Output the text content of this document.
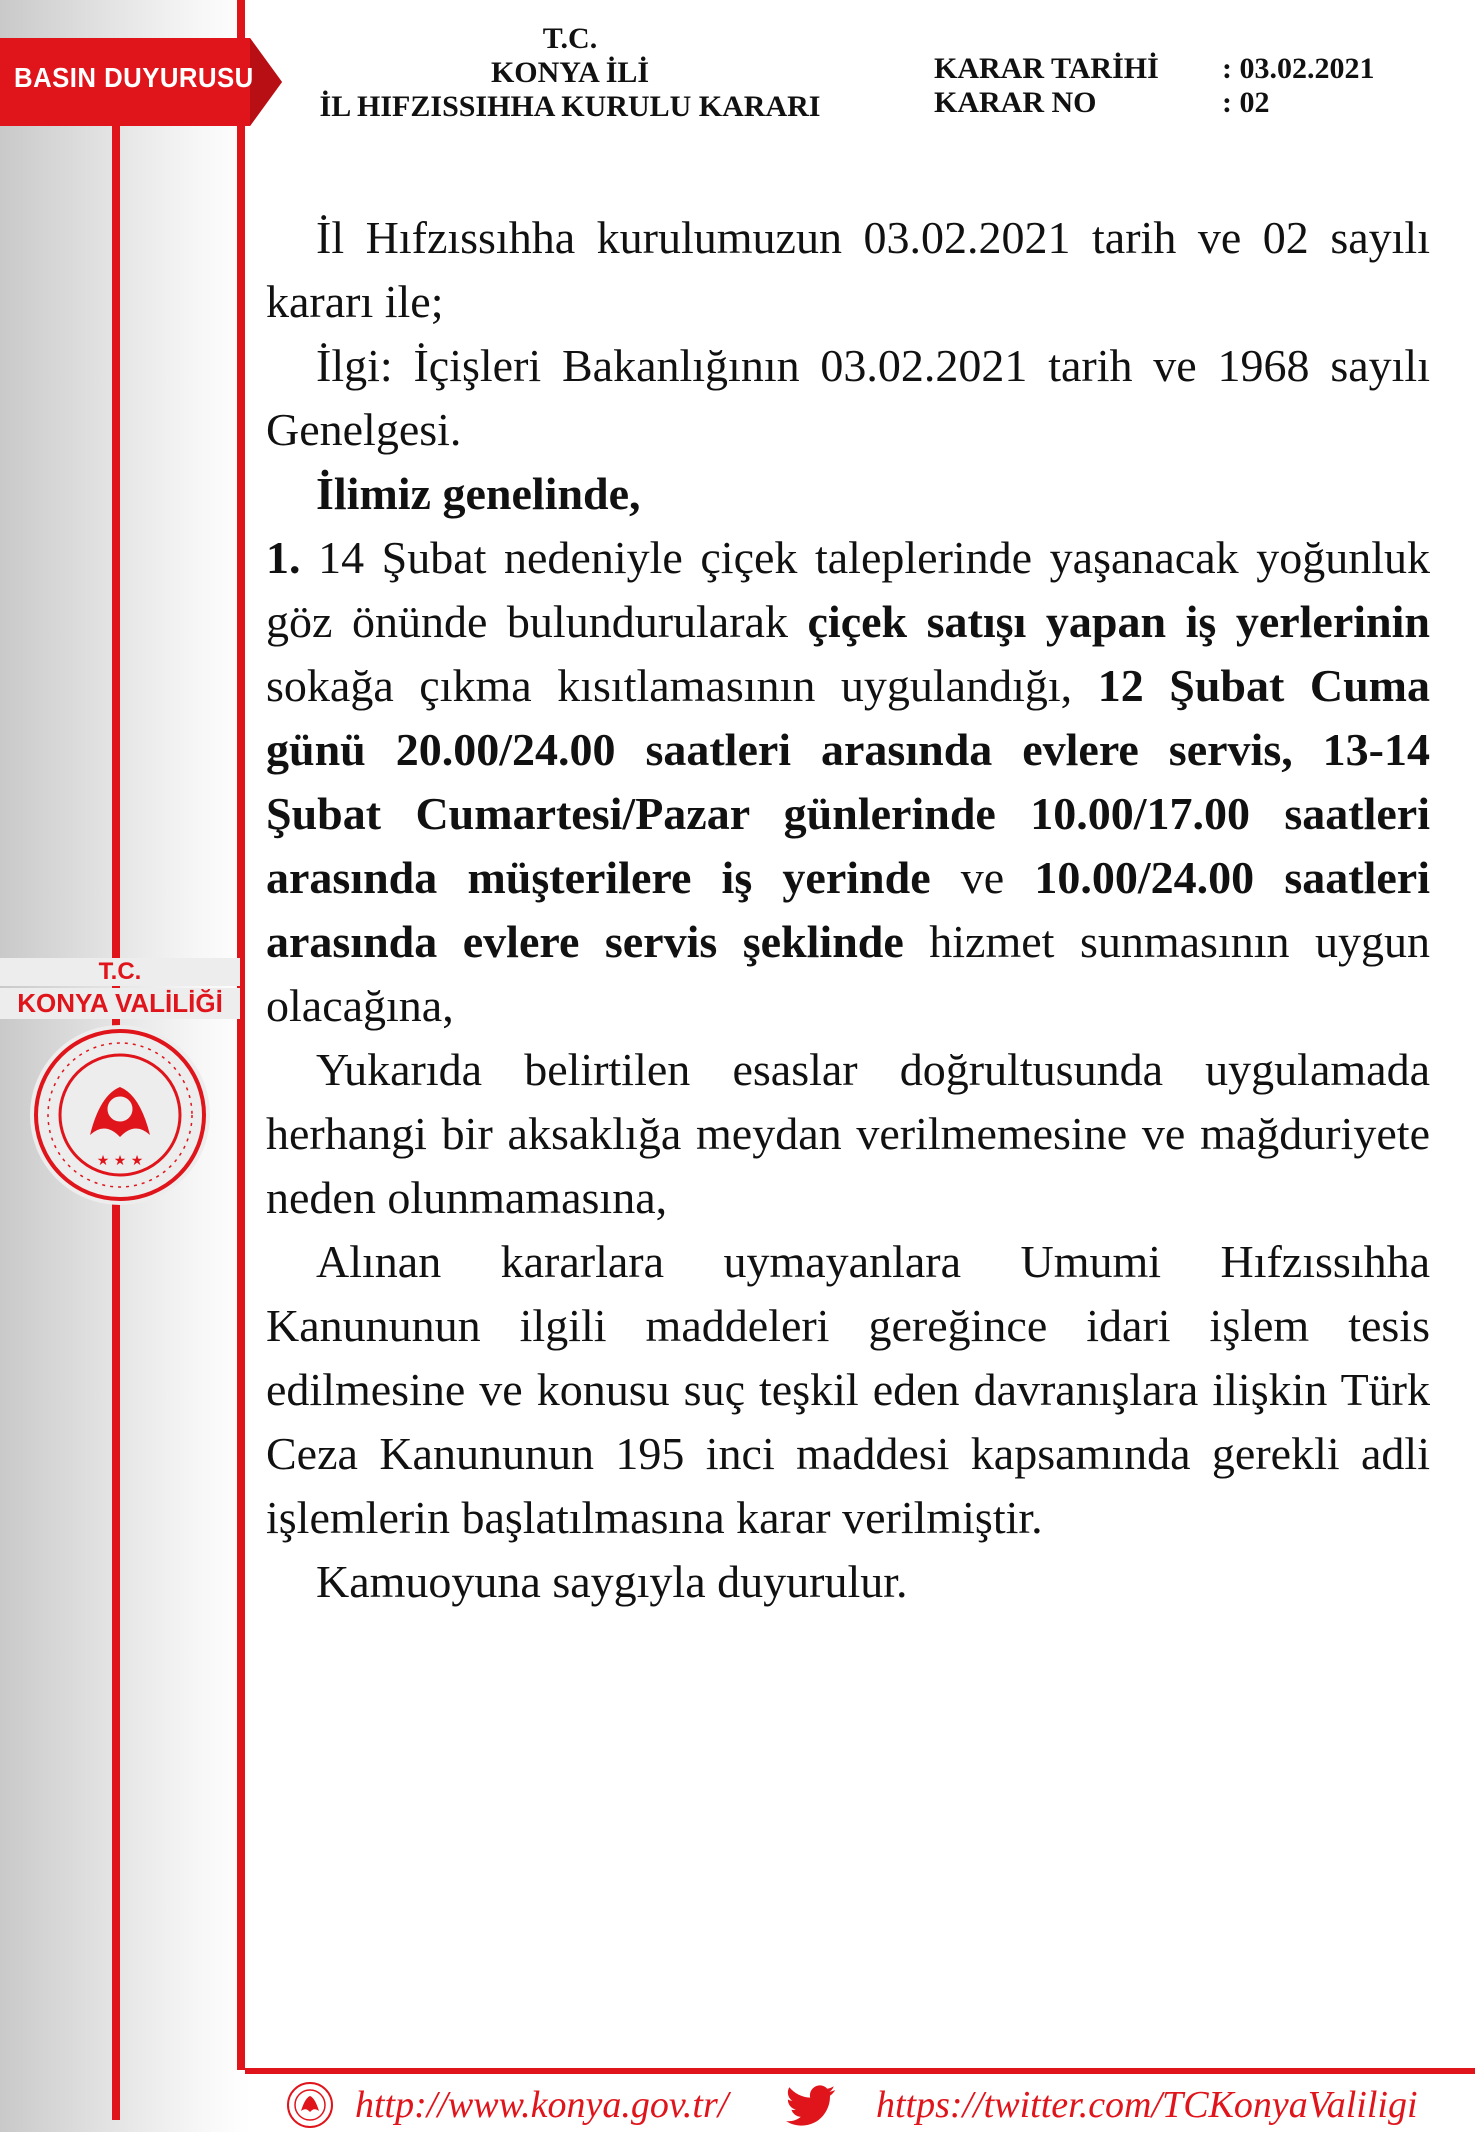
BASIN DUYURUSU
T.C.
KONYA İLİ
İL HIFZISSIHHA KURULU KARARI
KARAR TARİHİ	: 03.02.2021
KARAR NO	: 02
T.C.
KONYA VALİLİĞİ
★ ★ ★

İl Hıfzıssıhha kurulumuzun 03.02.2021 tarih ve 02 sayılı kararı ile;

İlgi: İçişleri Bakanlığının 03.02.2021 tarih ve 1968 sayılı Genelgesi.

İlimiz genelinde,

1. 14 Şubat nedeniyle çiçek taleplerinde yaşanacak yoğunluk göz önünde bulundurularak çiçek satışı yapan iş yerlerinin sokağa çıkma kısıtlamasının uygulandığı, 12 Şubat Cuma günü 20.00/24.00 saatleri arasında evlere servis, 13-14 Şubat Cumartesi/Pazar günlerinde 10.00/17.00 saatleri arasında müşterilere iş yerinde ve 10.00/24.00 saatleri arasında evlere servis şeklinde hizmet sunmasının uygun olacağına,

Yukarıda belirtilen esaslar doğrultusunda uygulamada herhangi bir aksaklığa meydan verilmemesine ve mağduriyete neden olunmamasına,

Alınan kararlara uymayanlara Umumi Hıfzıssıhha Kanununun ilgili maddeleri gereğince idari işlem tesis edilmesine ve konusu suç teşkil eden davranışlara ilişkin Türk Ceza Kanununun 195 inci maddesi kapsamında gerekli adli işlemlerin başlatılmasına karar verilmiştir.

Kamuoyuna saygıyla duyurulur.

http://www.konya.gov.tr/	https://twitter.com/TCKonyaValiligi
